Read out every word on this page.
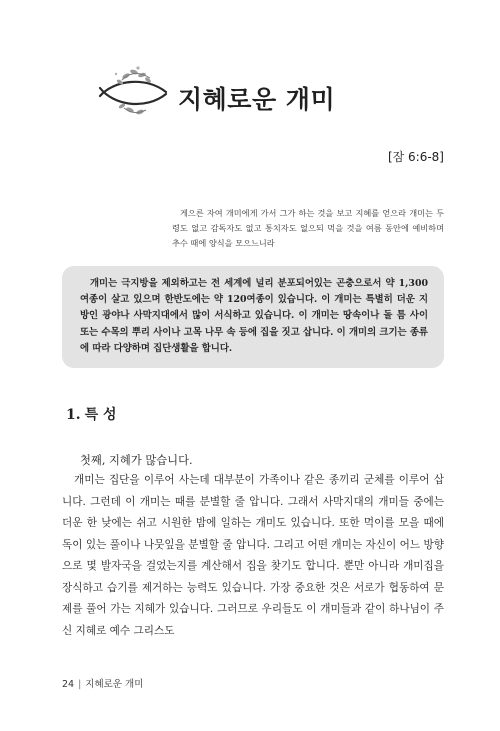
지혜로운 개미
[잠 6:6-8]
게으른 자여 개미에게 가서 그가 하는 것을 보고 지혜를 얻으라 개미는 두령도 없고 감독자도 없고 통치자도 없으되 먹을 것을 여름 동안에 예비하며 추수 때에 양식을 모으느니라

개미는 극지방을 제외하고는 전 세계에 널리 분포되어있는 곤충으로서 약 1,300여종이 살고 있으며 한반도에는 약 120여종이 있습니다. 이 개미는 특별히 더운 지방인 광야나 사막지대에서 많이 서식하고 있습니다. 이 개미는 땅속이나 돌 틈 사이 또는 수목의 뿌리 사이나 고목 나무 속 등에 집을 짓고 삽니다. 이 개미의 크기는 종류에 따라 다양하며 집단생활을 합니다.

1. 특 성
첫째, 지혜가 많습니다.

개미는 집단을 이루어 사는데 대부분이 가족이나 같은 종끼리 군체를 이루어 삽니다. 그런데 이 개미는 때를 분별할 줄 압니다. 그래서 사막지대의 개미들 중에는 더운 한 낮에는 쉬고 시원한 밤에 일하는 개미도 있습니다. 또한 먹이를 모을 때에 독이 있는 풀이나 나뭇잎을 분별할 줄 압니다. 그리고 어떤 개미는 자신이 어느 방향으로 몇 발자국을 걸었는지를 계산해서 집을 찾기도 합니다. 뿐만 아니라 개미집을 장식하고 습기를 제거하는 능력도 있습니다. 가장 중요한 것은 서로가 협동하여 문제를 풀어 가는 지혜가 있습니다. 그러므로 우리들도 이 개미들과 같이 하나님이 주신 지혜로 예수 그리스도

24 | 지혜로운 개미
